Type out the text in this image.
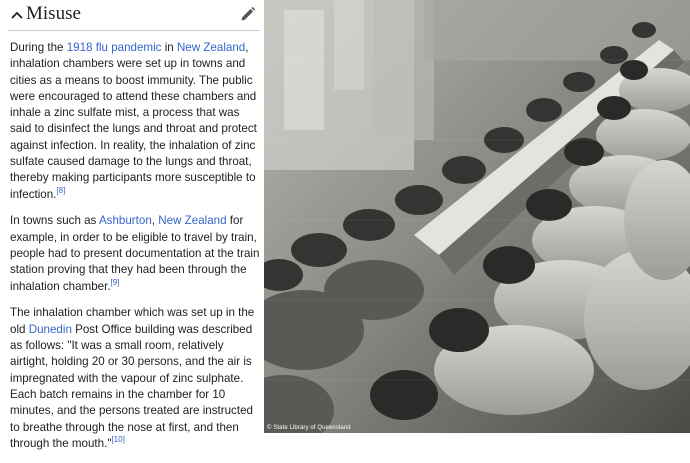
Misuse

During the 1918 flu pandemic in New Zealand, inhalation chambers were set up in towns and cities as a means to boost immunity. The public were encouraged to attend these chambers and inhale a zinc sulfate mist, a process that was said to disinfect the lungs and throat and protect against infection. In reality, the inhalation of zinc sulfate caused damage to the lungs and throat, thereby making participants more susceptible to infection.[8]

In towns such as Ashburton, New Zealand for example, in order to be eligible to travel by train, people had to present documentation at the train station proving that they had been through the inhalation chamber.[9]

The inhalation chamber which was set up in the old Dunedin Post Office building was described as follows: "It was a small room, relatively airtight, holding 20 or 30 persons, and the air is impregnated with the vapour of zinc sulphate. Each batch remains in the chamber for 10 minutes, and the persons treated are instructed to breathe through the nose at first, and then through the mouth."[10]

© State Library of Queensland
